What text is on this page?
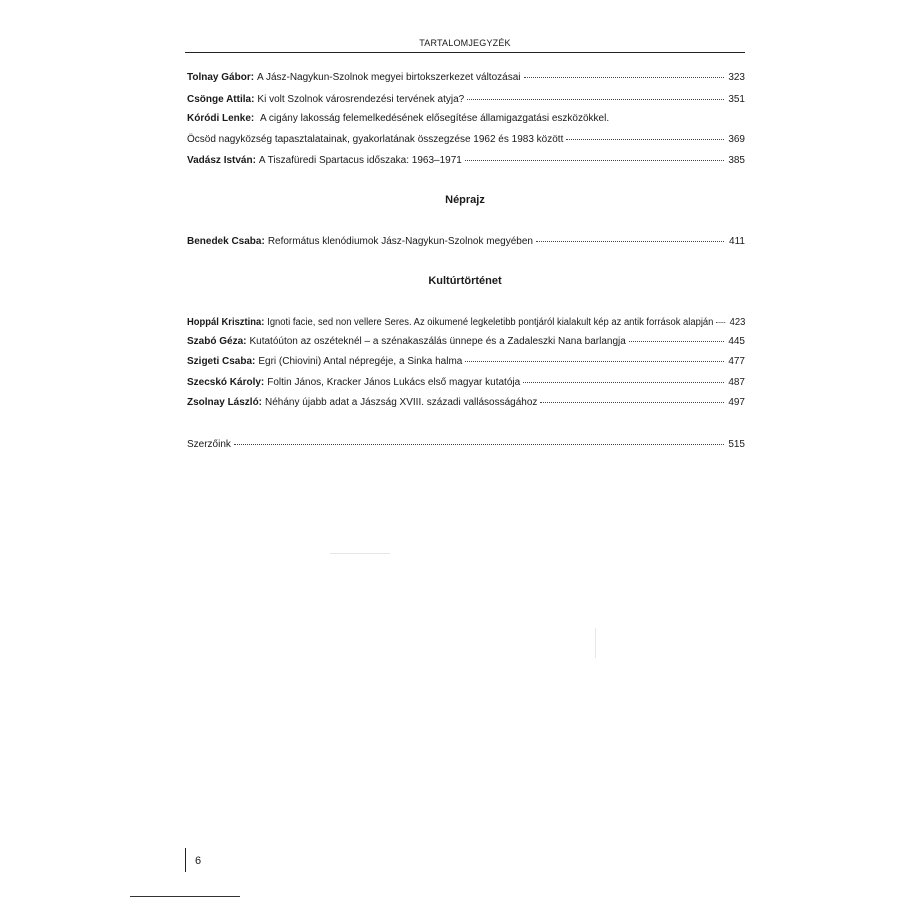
TARTALOMJEGYZÉK
Tolnay Gábor: A Jász-Nagykun-Szolnok megyei birtokszerkezet változásai	323
Csönge Attila: Ki volt Szolnok városrendezési tervének atyja?	351
Kóródi Lenke: A cigány lakosság felemelkedésének elősegítése államigazgatási eszközökkel.
Öcsöd nagyközség tapasztalatainak, gyakorlatának összegzése 1962 és 1983 között	369
Vadász István: A Tiszafüredi Spartacus időszaka: 1963–1971	385
Néprajz
Benedek Csaba: Református klenódiumok Jász-Nagykun-Szolnok megyében	411
Kultúrtörténet
Hoppál Krisztina: Ignoti facie, sed non vellere Seres. Az oikumené legkeletibb pontjáról kialakult kép az antik források alapján 423
Szabó Géza: Kutatóúton az oszéteknél – a szénakaszálás ünnepe és a Zadaleszki Nana barlangja	445
Szigeti Csaba: Egri (Chiovini) Antal népregéje, a Sinka halma	477
Szecskó Károly: Foltin János, Kracker János Lukács első magyar kutatója	487
Zsolnay László: Néhány újabb adat a Jászság XVIII. századi vallásosságához	497
Szerzőink	515
6
